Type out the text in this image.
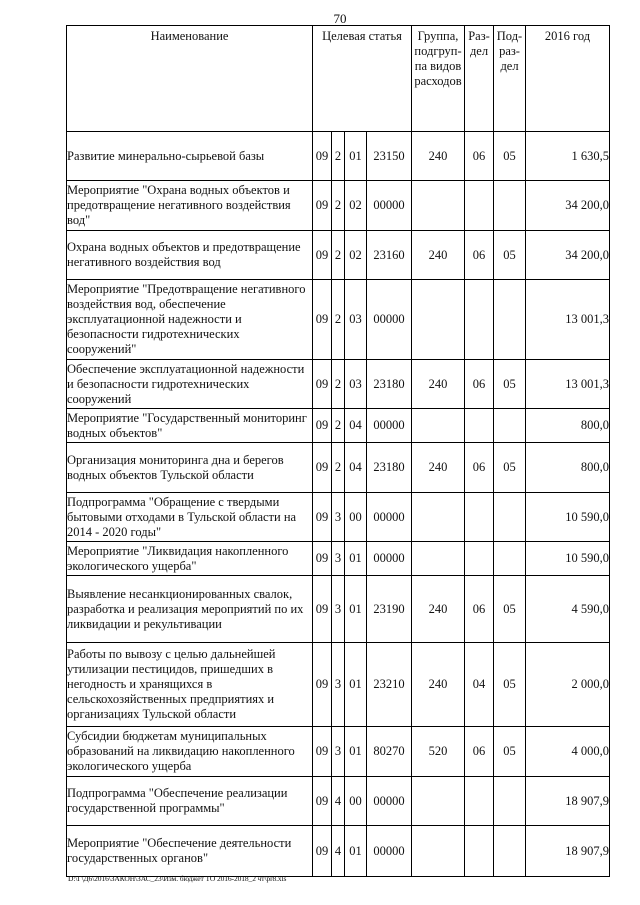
70
Наименование	Целевая статья				Группа, подгруп-па видов расходов	Раз-дел	Под-раз-дел	2016 год
Развитие минерально-сырьевой базы	09	2	01	23150	240	06	05	1 630,5
Мероприятие "Охрана водных объектов и предотвращение негативного воздействия вод"	09	2	02	00000				34 200,0
Охрана водных объектов и предотвращение негативного воздействия вод	09	2	02	23160	240	06	05	34 200,0
Мероприятие "Предотвращение негативного воздействия вод, обеспечение эксплуатационной надежности и безопасности гидротехнических сооружений"	09	2	03	00000				13 001,3
Обеспечение эксплуатационной надежности и безопасности гидротехнических сооружений	09	2	03	23180	240	06	05	13 001,3
Мероприятие "Государственный мониторинг водных объектов"	09	2	04	00000				800,0
Организация мониторинга дна и берегов водных объектов Тульской области	09	2	04	23180	240	06	05	800,0
Подпрограмма "Обращение с твердыми бытовыми отходами в Тульской области на 2014 - 2020 годы"	09	3	00	00000				10 590,0
Мероприятие "Ликвидация накопленного экологического ущерба"	09	3	01	00000				10 590,0
Выявление несанкционированных свалок, разработка и реализация мероприятий по их ликвидации и рекультивации	09	3	01	23190	240	06	05	4 590,0
Работы по вывозу с целью дальнейшей утилизации пестицидов, пришедших в негодность и хранящихся в сельскохозяйственных предприятиях и организациях Тульской области	09	3	01	23210	240	04	05	2 000,0
Субсидии бюджетам муниципальных образований на ликвидацию накопленного экологического ущерба	09	3	01	80270	520	06	05	4 000,0
Подпрограмма "Обеспечение реализации государственной программы"	09	4	00	00000				18 907,9
Мероприятие "Обеспечение деятельности государственных органов"	09	4	01	00000				18 907,9
D:\Г\Д6\2016\ЗАКОН\ЗАС_23\Изм. бюджет ТО 2016-2018_2 чт\pr8.xls
